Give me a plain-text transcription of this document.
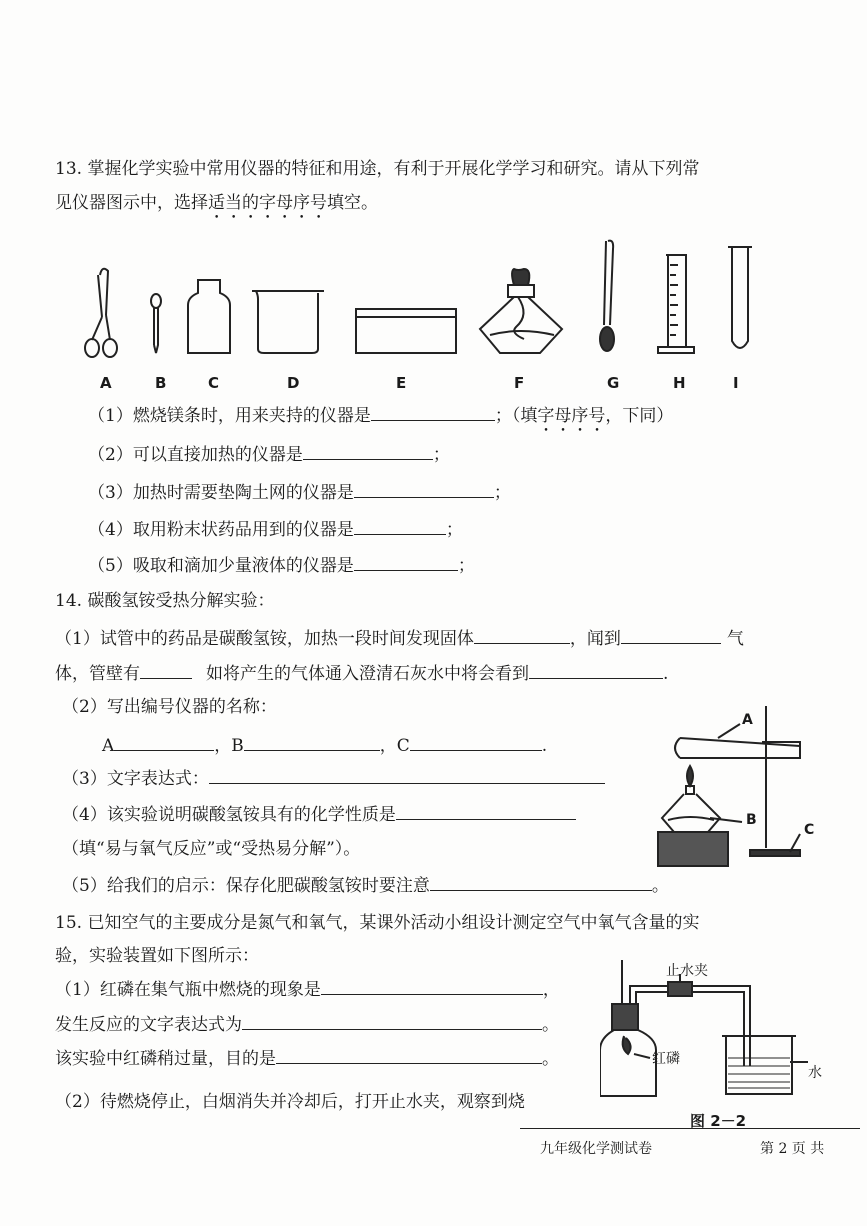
13. 掌握化学实验中常用仪器的特征和用途，有利于开展化学学习和研究。请从下列常
见仪器图示中，选择适当的字母序号填空。
A	B	C	D	E	F	G	H	I
（1）燃烧镁条时，用来夹持的仪器是	；（填字母序号，下同）
（2）可以直接加热的仪器是	；
（3）加热时需要垫陶土网的仪器是	；
（4）取用粉末状药品用到的仪器是	；
（5）吸取和滴加少量液体的仪器是	；
14. 碳酸氢铵受热分解实验：
（1）试管中的药品是碳酸氢铵，加热一段时间发现固体	，闻到	气
体，管壁有	如将产生的气体通入澄清石灰水中将会看到	.
（2）写出编号仪器的名称：
A	，B	，C	.
（3）文字表达式：
（4）该实验说明碳酸氢铵具有的化学性质是
（填“易与氧气反应”或“受热易分解”）。
（5）给我们的启示：保存化肥碳酸氢铵时要注意	。
A
B
C
15. 已知空气的主要成分是氮气和氧气，某课外活动小组设计测定空气中氧气含量的实
验，实验装置如下图所示：
（1）红磷在集气瓶中燃烧的现象是	，
发生反应的文字表达式为	。
该实验中红磷稍过量，目的是	。
（2）待燃烧停止，白烟消失并冷却后，打开止水夹，观察到烧
止水夹
红磷
水
图 2－2
九年级化学测试卷	第 2 页 共
